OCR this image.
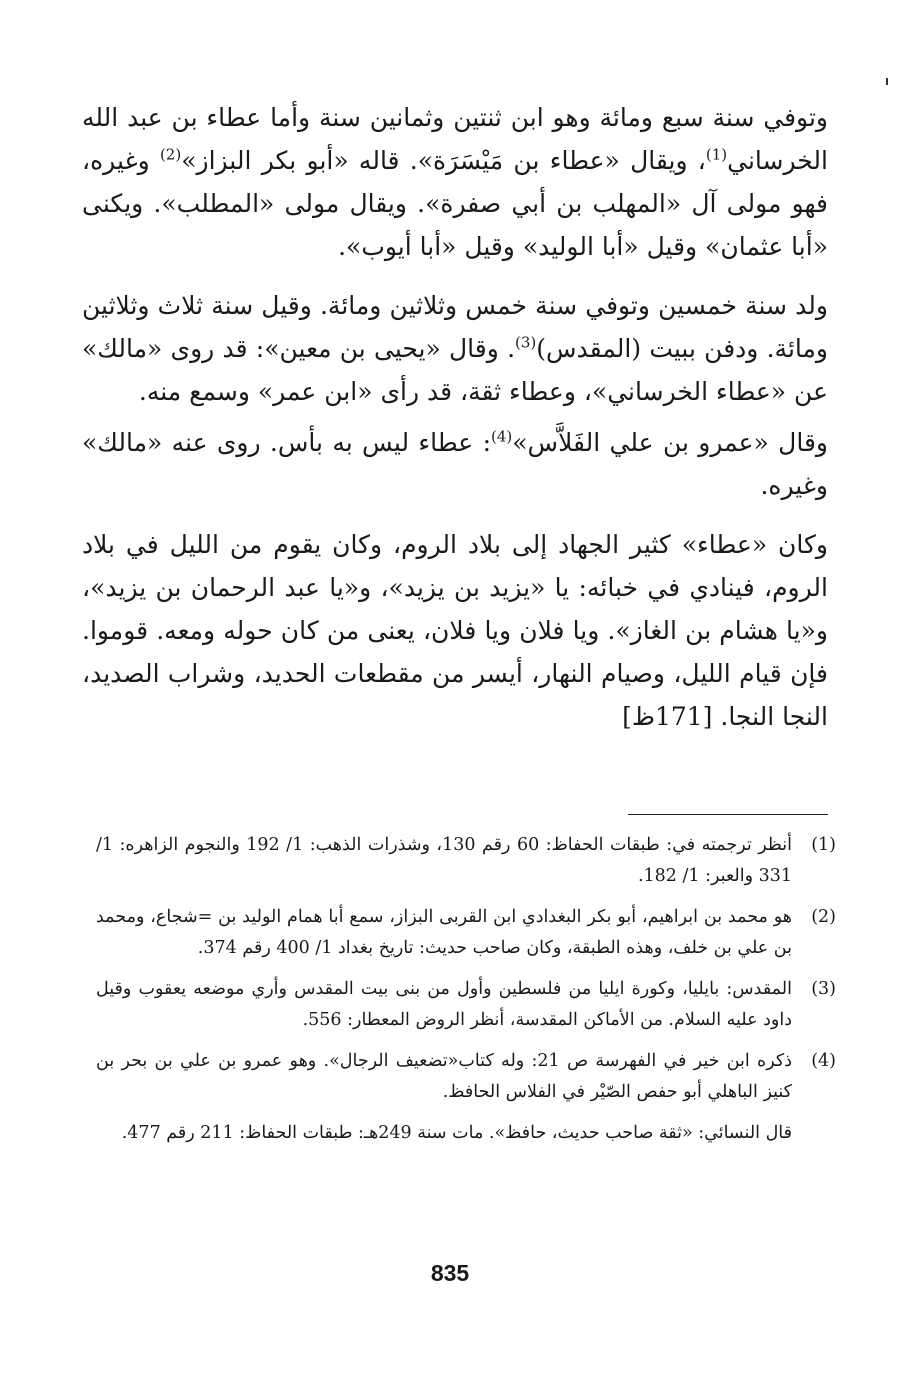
وتوفي سنة سبع ومائة وهو ابن ثنتين وثمانين سنة وأما عطاء بن عبد الله الخرساني$^{(1)}$، ويقال «عطاء بن مَيْسَرَة». قاله «أبو بكر البزاز»$^{(2)}$ وغيره، فهو مولى آل «المهلب بن أبي صفرة». ويقال مولى «المطلب». ويكنى «أبا عثمان» وقيل «أبا الوليد» وقيل «أبا أيوب».

ولد سنة خمسين وتوفي سنة خمس وثلاثين ومائة. وقيل سنة ثلاث وثلاثين ومائة. ودفن ببيت (المقدس)$^{(3)}$. وقال «يحيى بن معين»: قد روى «مالك» عن «عطاء الخرساني»، وعطاء ثقة، قد رأى «ابن عمر» وسمع منه.

وقال «عمرو بن علي الفَلاَّس»$^{(4)}$: عطاء ليس به بأس. روى عنه «مالك» وغيره.

وكان «عطاء» كثير الجهاد إلى بلاد الروم، وكان يقوم من الليل في بلاد الروم، فينادي في خبائه: يا «يزيد بن يزيد»، و«يا عبد الرحمان بن يزيد»، و«يا هشام بن الغاز». ويا فلان ويا فلان، يعنى من كان حوله ومعه. قوموا. فإن قيام الليل، وصيام النهار، أيسر من مقطعات الحديد، وشراب الصديد، النجا النجا. [171ظ]

(1)
أنظر ترجمته في: طبقات الحفاظ: 60 رقم 130، وشذرات الذهب: 1/ 192 والنجوم الزاهره: 1/ 331 والعبر: 1/ 182.
(2)
هو محمد بن ابراهيم، أبو بكر البغدادي ابن القربى البزاز، سمع أبا همام الوليد بن =شجاع، ومحمد بن علي بن خلف، وهذه الطبقة، وكان صاحب حديث: تاريخ بغداد 1/ 400 رقم 374.
(3)
المقدس: بايليا، وكورة ايليا من فلسطين وأول من بنى بيت المقدس وأري موضعه يعقوب وقيل داود عليه السلام. من الأماكن المقدسة، أنظر الروض المعطار: 556.
(4)
ذكره ابن خير في الفهرسة ص 21: وله كتاب«تضعيف الرجال». وهو عمرو بن علي بن بحر بن كنيز الباهلي أبو حفص الصّيْر في الفلاس الحافظ.
قال النسائي: «ثقة صاحب حديث، حافظ». مات سنة 249هـ: طبقات الحفاظ: 211 رقم 477.
835
